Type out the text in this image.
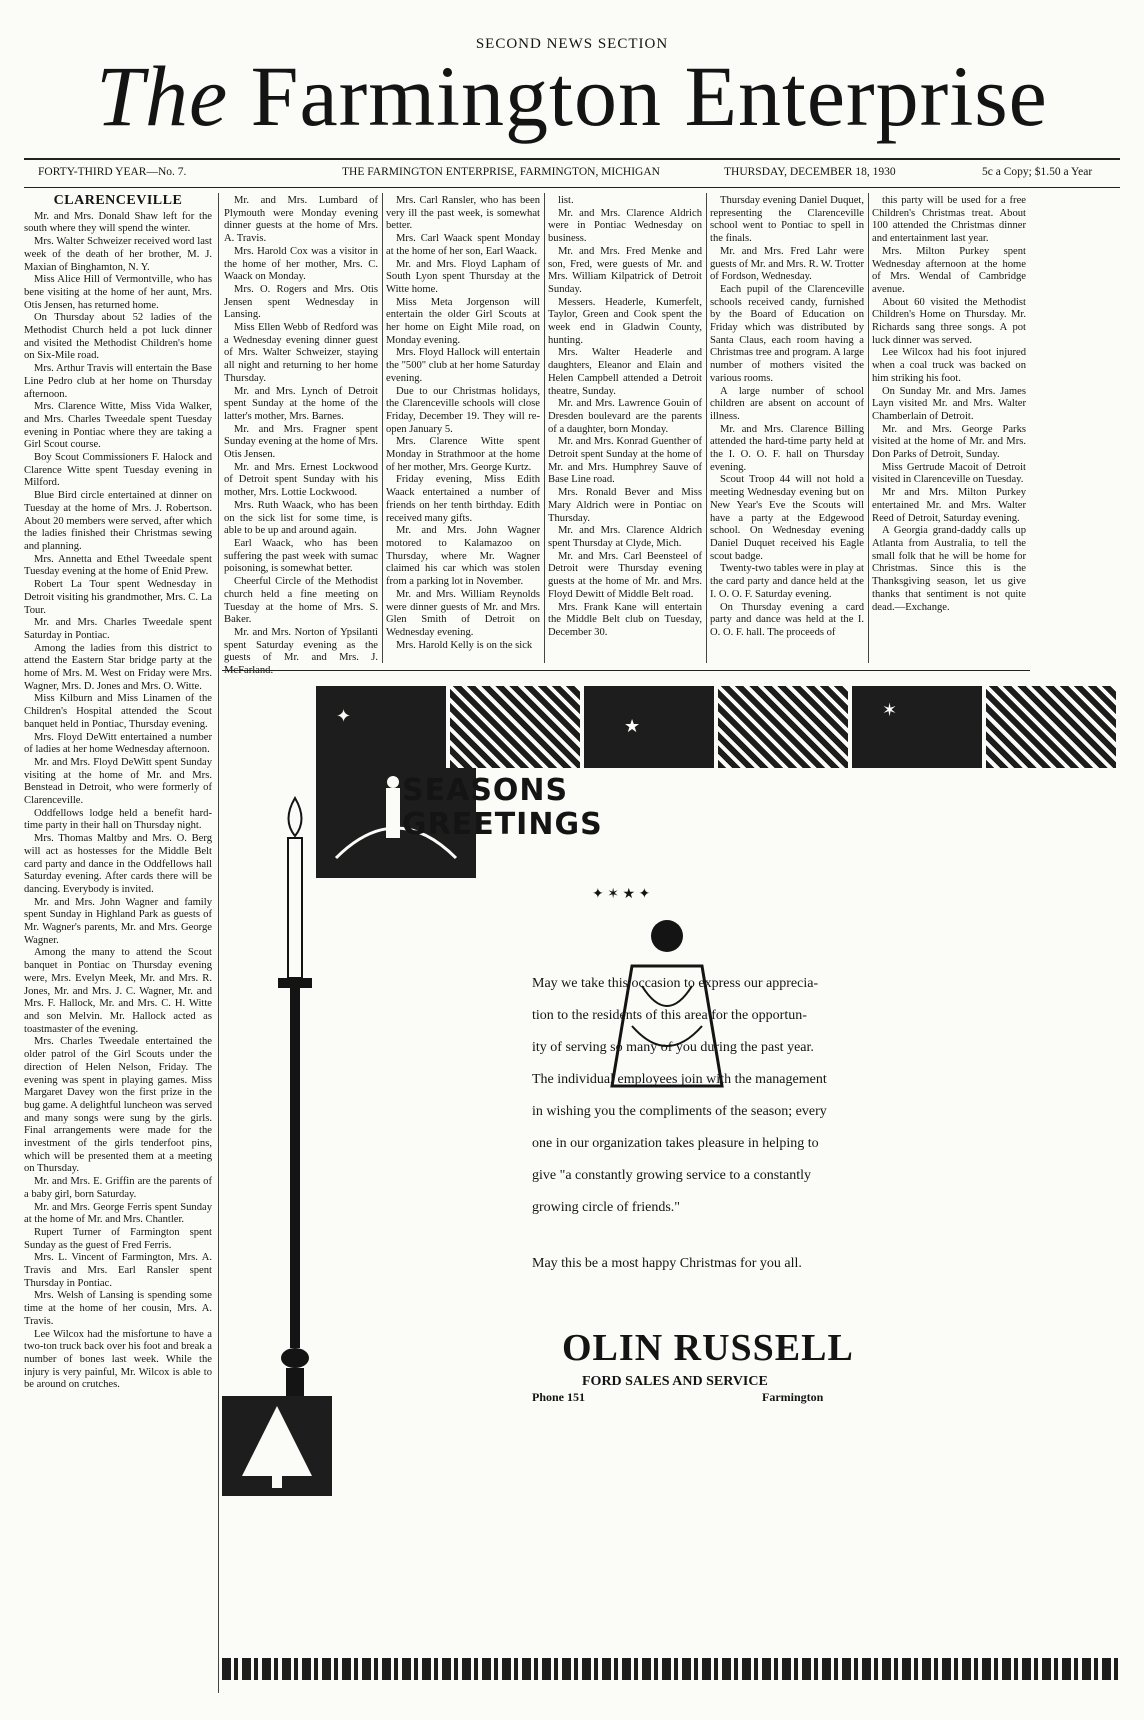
SECOND NEWS SECTION
The Farmington Enterprise
FORTY-THIRD YEAR—No. 7.	THE FARMINGTON ENTERPRISE, FARMINGTON, MICHIGAN	THURSDAY, DECEMBER 18, 1930	5c a Copy; $1.50 a Year
CLARENCEVILLE

Mr. and Mrs. Donald Shaw left for the south where they will spend the winter.

Mrs. Walter Schweizer received word last week of the death of her brother, M. J. Maxian of Binghamton, N. Y.

Miss Alice Hill of Vermontville, who has bene visiting at the home of her aunt, Mrs. Otis Jensen, has returned home.

On Thursday about 52 ladies of the Methodist Church held a pot luck dinner and visited the Methodist Children's home on Six-Mile road.

Mrs. Arthur Travis will entertain the Base Line Pedro club at her home on Thursday afternoon.

Mrs. Clarence Witte, Miss Vida Walker, and Mrs. Charles Tweedale spent Tuesday evening in Pontiac where they are taking a Girl Scout course.

Boy Scout Commissioners F. Halock and Clarence Witte spent Tuesday evening in Milford.

Blue Bird circle entertained at dinner on Tuesday at the home of Mrs. J. Robertson. About 20 members were served, after which the ladies finished their Christmas sewing and planning.

Mrs. Annetta and Ethel Tweedale spent Tuesday evening at the home of Enid Prew.

Robert La Tour spent Wednesday in Detroit visiting his grandmother, Mrs. C. La Tour.

Mr. and Mrs. Charles Tweedale spent Saturday in Pontiac.

Among the ladies from this district to attend the Eastern Star bridge party at the home of Mrs. M. West on Friday were Mrs. Wagner, Mrs. D. Jones and Mrs. O. Witte.

Miss Kilburn and Miss Linamen of the Children's Hospital attended the Scout banquet held in Pontiac, Thursday evening.

Mrs. Floyd DeWitt entertained a number of ladies at her home Wednesday afternoon.

Mr. and Mrs. Floyd DeWitt spent Sunday visiting at the home of Mr. and Mrs. Benstead in Detroit, who were formerly of Clarenceville.

Oddfellows lodge held a benefit hard-time party in their hall on Thursday night.

Mrs. Thomas Maltby and Mrs. O. Berg will act as hostesses for the Middle Belt card party and dance in the Oddfellows hall Saturday evening. After cards there will be dancing. Everybody is invited.

Mr. and Mrs. John Wagner and family spent Sunday in Highland Park as guests of Mr. Wagner's parents, Mr. and Mrs. George Wagner.

Among the many to attend the Scout banquet in Pontiac on Thursday evening were, Mrs. Evelyn Meek, Mr. and Mrs. R. Jones, Mr. and Mrs. J. C. Wagner, Mr. and Mrs. F. Hallock, Mr. and Mrs. C. H. Witte and son Melvin. Mr. Hallock acted as toastmaster of the evening.

Mrs. Charles Tweedale entertained the older patrol of the Girl Scouts under the direction of Helen Nelson, Friday. The evening was spent in playing games. Miss Margaret Davey won the first prize in the bug game. A delightful luncheon was served and many songs were sung by the girls. Final arrangements were made for the investment of the girls tenderfoot pins, which will be presented them at a meeting on Thursday.

Mr. and Mrs. E. Griffin are the parents of a baby girl, born Saturday.

Mr. and Mrs. George Ferris spent Sunday at the home of Mr. and Mrs. Chantler.

Rupert Turner of Farmington spent Sunday as the guest of Fred Ferris.

Mrs. L. Vincent of Farmington, Mrs. A. Travis and Mrs. Earl Ransler spent Thursday in Pontiac.

Mrs. Welsh of Lansing is spending some time at the home of her cousin, Mrs. A. Travis.

Lee Wilcox had the misfortune to have a two-ton truck back over his foot and break a number of bones last week. While the injury is very painful, Mr. Wilcox is able to be around on crutches.

Mr. and Mrs. Lumbard of Plymouth were Monday evening dinner guests at the home of Mrs. A. Travis.

Mrs. Harold Cox was a visitor in the home of her mother, Mrs. C. Waack on Monday.

Mrs. O. Rogers and Mrs. Otis Jensen spent Wednesday in Lansing.

Miss Ellen Webb of Redford was a Wednesday evening dinner guest of Mrs. Walter Schweizer, staying all night and returning to her home Thursday.

Mr. and Mrs. Lynch of Detroit spent Sunday at the home of the latter's mother, Mrs. Barnes.

Mr. and Mrs. Fragner spent Sunday evening at the home of Mrs. Otis Jensen.

Mr. and Mrs. Ernest Lockwood of Detroit spent Sunday with his mother, Mrs. Lottie Lockwood.

Mrs. Ruth Waack, who has been on the sick list for some time, is able to be up and around again.

Earl Waack, who has been suffering the past week with sumac poisoning, is somewhat better.

Cheerful Circle of the Methodist church held a fine meeting on Tuesday at the home of Mrs. S. Baker.

Mr. and Mrs. Norton of Ypsilanti spent Saturday evening as the guests of Mr. and Mrs. J. McFarland.

Mrs. Carl Ransler, who has been very ill the past week, is somewhat better.

Mrs. Carl Waack spent Monday at the home of her son, Earl Waack.

Mr. and Mrs. Floyd Lapham of South Lyon spent Thursday at the Witte home.

Miss Meta Jorgenson will entertain the older Girl Scouts at her home on Eight Mile road, on Monday evening.

Mrs. Floyd Hallock will entertain the "500" club at her home Saturday evening.

Due to our Christmas holidays, the Clarenceville schools will close Friday, December 19. They will re-open January 5.

Mrs. Clarence Witte spent Monday in Strathmoor at the home of her mother, Mrs. George Kurtz.

Friday evening, Miss Edith Waack entertained a number of friends on her tenth birthday. Edith received many gifts.

Mr. and Mrs. John Wagner motored to Kalamazoo on Thursday, where Mr. Wagner claimed his car which was stolen from a parking lot in November.

Mr. and Mrs. William Reynolds were dinner guests of Mr. and Mrs. Glen Smith of Detroit on Wednesday evening.

Mrs. Harold Kelly is on the sick

list.

Mr. and Mrs. Clarence Aldrich were in Pontiac Wednesday on business.

Mr. and Mrs. Fred Menke and son, Fred, were guests of Mr. and Mrs. William Kilpatrick of Detroit Sunday.

Messers. Headerle, Kumerfelt, Taylor, Green and Cook spent the week end in Gladwin County, hunting.

Mrs. Walter Headerle and daughters, Eleanor and Elain and Helen Campbell attended a Detroit theatre, Sunday.

Mr. and Mrs. Lawrence Gouin of Dresden boulevard are the parents of a daughter, born Monday.

Mr. and Mrs. Konrad Guenther of Detroit spent Sunday at the home of Mr. and Mrs. Humphrey Sauve of Base Line road.

Mrs. Ronald Bever and Miss Mary Aldrich were in Pontiac on Thursday.

Mr. and Mrs. Clarence Aldrich spent Thursday at Clyde, Mich.

Mr. and Mrs. Carl Beensteel of Detroit were Thursday evening guests at the home of Mr. and Mrs. Floyd Dewitt of Middle Belt road.

Mrs. Frank Kane will entertain the Middle Belt club on Tuesday, December 30.

Thursday evening Daniel Duquet, representing the Clarenceville school went to Pontiac to spell in the finals.

Mr. and Mrs. Fred Lahr were guests of Mr. and Mrs. R. W. Trotter of Fordson, Wednesday.

Each pupil of the Clarenceville schools received candy, furnished by the Board of Education on Friday which was distributed by Santa Claus, each room having a Christmas tree and program. A large number of mothers visited the various rooms.

A large number of school children are absent on account of illness.

Mr. and Mrs. Clarence Billing attended the hard-time party held at the I. O. O. F. hall on Thursday evening.

Scout Troop 44 will not hold a meeting Wednesday evening but on New Year's Eve the Scouts will have a party at the Edgewood school. On Wednesday evening Daniel Duquet received his Eagle scout badge.

Twenty-two tables were in play at the card party and dance held at the I. O. O. F. Saturday evening.

On Thursday evening a card party and dance was held at the I. O. O. F. hall. The proceeds of

this party will be used for a free Children's Christmas treat. About 100 attended the Christmas dinner and entertainment last year.

Mrs. Milton Purkey spent Wednesday afternoon at the home of Mrs. Wendal of Cambridge avenue.

About 60 visited the Methodist Children's Home on Thursday. Mr. Richards sang three songs. A pot luck dinner was served.

Lee Wilcox had his foot injured when a coal truck was backed on him striking his foot.

On Sunday Mr. and Mrs. James Layn visited Mr. and Mrs. Walter Chamberlain of Detroit.

Mr. and Mrs. George Parks visited at the home of Mr. and Mrs. Don Parks of Detroit, Sunday.

Miss Gertrude Macoit of Detroit visited in Clarenceville on Tuesday.

Mr and Mrs. Milton Purkey entertained Mr. and Mrs. Walter Reed of Detroit, Saturday evening.

A Georgia grand-daddy calls up Atlanta from Australia, to tell the small folk that he will be home for Christmas. Since this is the Thanksgiving season, let us give thanks that sentiment is not quite dead.—Exchange.

✦	★
✶
SEASONS
GREETINGS
✦ ✶ ★ ✦

May we take this occasion to express our apprecia-

tion to the residents of this area for the opportun-

ity of serving so many of you during the past year.

The individual employees join with the management

in wishing you the compliments of the season; every

one in our organization takes pleasure in helping to

give "a constantly growing service to a constantly

growing circle of friends."

May this be a most happy Christmas for you all.

OLIN RUSSELL
FORD SALES AND SERVICE
Phone 151	Farmington
